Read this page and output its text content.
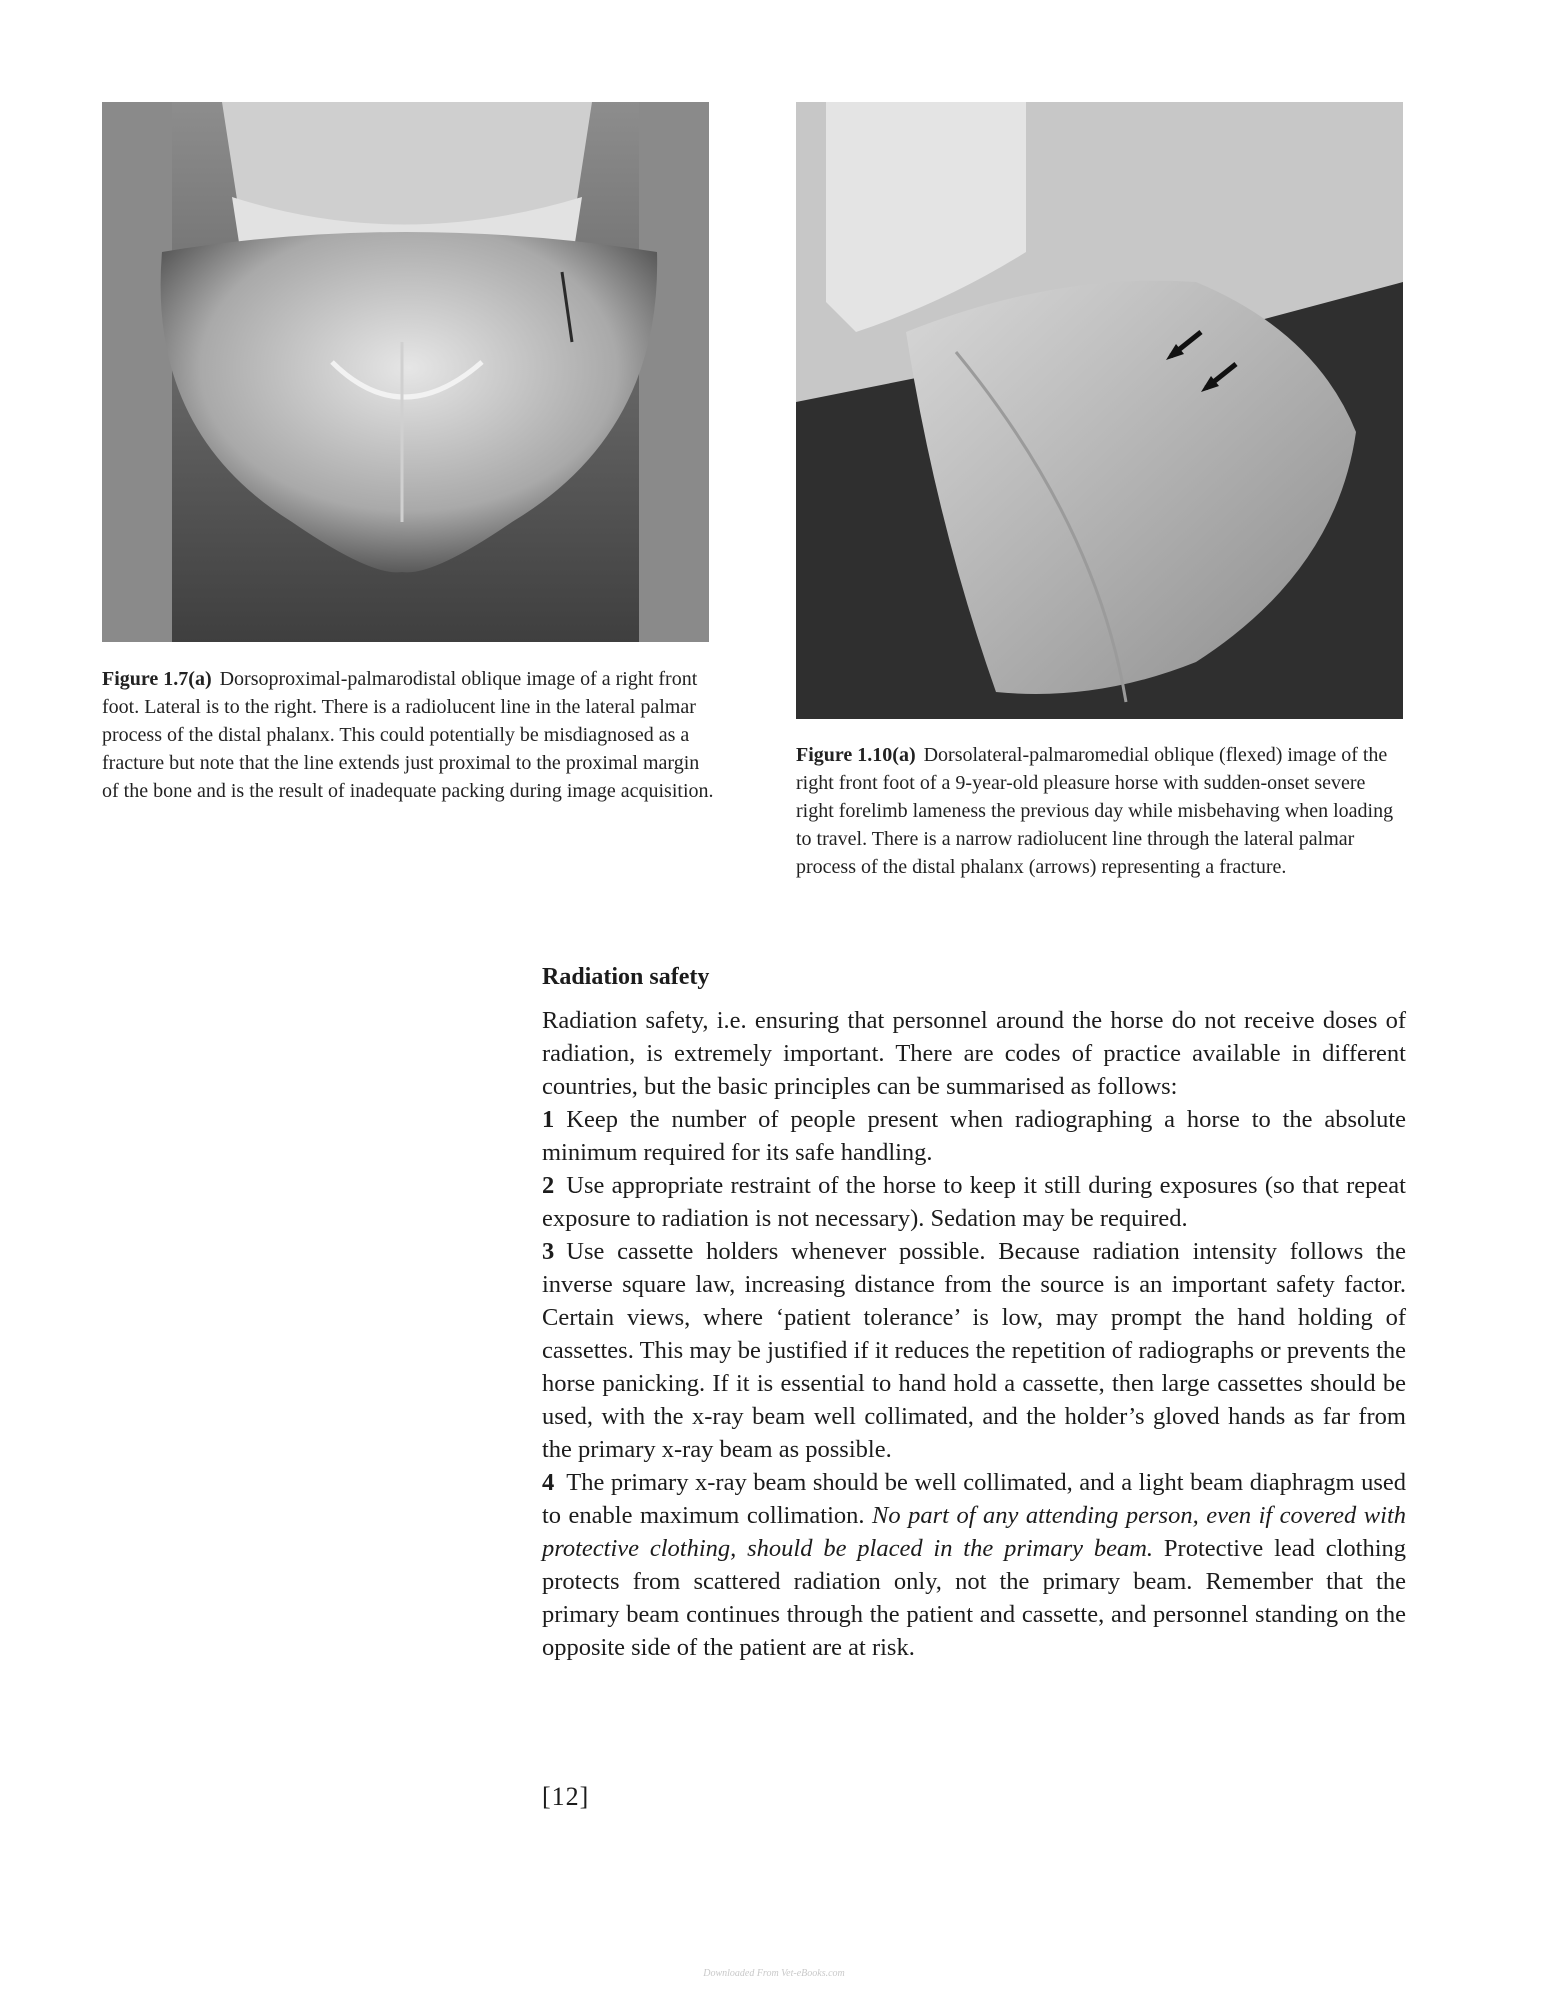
Figure 1.7(a) Dorsoproximal-palmarodistal oblique image of a right front foot. Lateral is to the right. There is a radiolucent line in the lateral palmar process of the distal phalanx. This could potentially be misdiagnosed as a fracture but note that the line extends just proximal to the proximal margin of the bone and is the result of inadequate packing during image acquisition.
Figure 1.10(a) Dorsolateral-palmaromedial oblique (flexed) image of the right front foot of a 9-year-old pleasure horse with sudden-onset severe right forelimb lameness the previous day while misbehaving when loading to travel. There is a narrow radiolucent line through the lateral palmar process of the distal phalanx (arrows) representing a fracture.
Radiation safety

Radiation safety, i.e. ensuring that personnel around the horse do not receive doses of radiation, is extremely important. There are codes of practice available in different countries, but the basic principles can be summarised as follows:

1 Keep the number of people present when radiographing a horse to the absolute minimum required for its safe handling.

2 Use appropriate restraint of the horse to keep it still during exposures (so that repeat exposure to radiation is not necessary). Sedation may be required.

3 Use cassette holders whenever possible. Because radiation intensity follows the inverse square law, increasing distance from the source is an important safety factor. Certain views, where ‘patient tolerance’ is low, may prompt the hand holding of cassettes. This may be justified if it reduces the repetition of radiographs or prevents the horse panicking. If it is essential to hand hold a cassette, then large cassettes should be used, with the x-ray beam well collimated, and the holder’s gloved hands as far from the primary x-ray beam as possible.

4 The primary x-ray beam should be well collimated, and a light beam diaphragm used to enable maximum collimation. No part of any attending person, even if covered with protective clothing, should be placed in the primary beam. Protective lead clothing protects from scattered radiation only, not the primary beam. Remember that the primary beam continues through the patient and cassette, and personnel standing on the opposite side of the patient are at risk.

[12]
Downloaded From Vet-eBooks.com
